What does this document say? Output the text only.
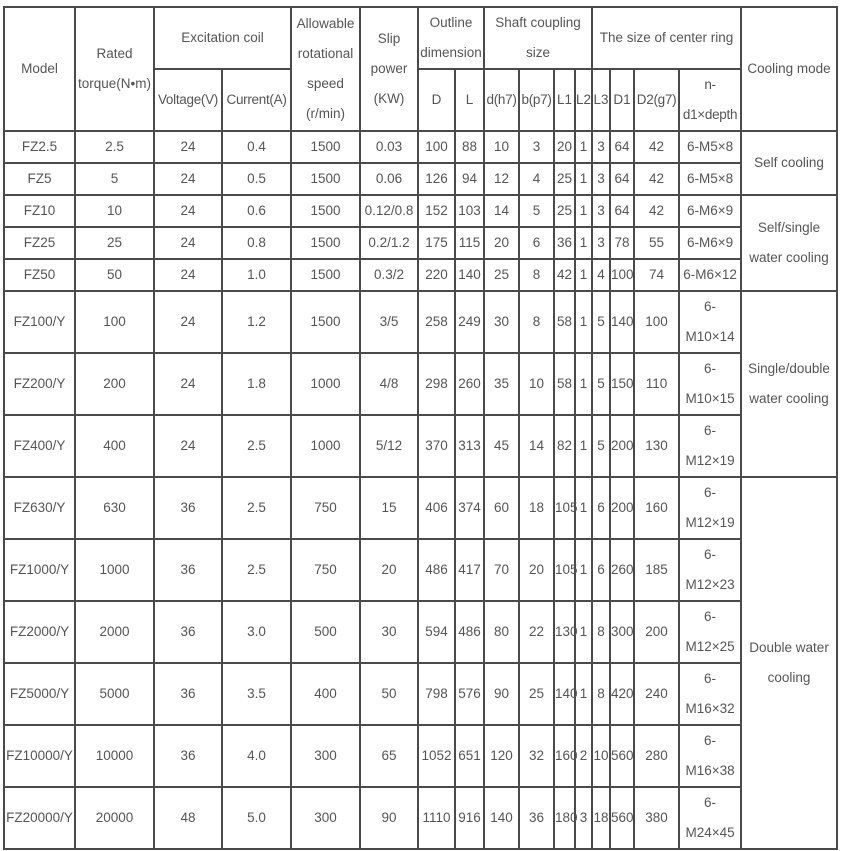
Model	Rated torque(N•m)	Excitation coil		Allowable rotational speed (r/min)	Slip power (KW)	Outline dimension		Shaft coupling size				The size of center ring				Cooling mode
		Voltage(V)	Current(A)			D	L	d(h7)	b(p7)	L1	L2	L3	D1	D2(g7)	n-d1×depth	
FZ2.5	2.5	24	0.4	1500	0.03	100	88	10	3	20	1	3	64	42	6-M5×8	Self cooling
FZ5	5	24	0.5	1500	0.06	126	94	12	4	25	1	3	64	42	6-M5×8	
FZ10	10	24	0.6	1500	0.12/0.8	152	103	14	5	25	1	3	64	42	6-M6×9	Self/single water cooling
FZ25	25	24	0.8	1500	0.2/1.2	175	115	20	6	36	1	3	78	55	6-M6×9	
FZ50	50	24	1.0	1500	0.3/2	220	140	25	8	42	1	4	100	74	6-M6×12	
FZ100/Y	100	24	1.2	1500	3/5	258	249	30	8	58	1	5	140	100	6-M10×14	Single/double water cooling
FZ200/Y	200	24	1.8	1000	4/8	298	260	35	10	58	1	5	150	110	6-M10×15	
FZ400/Y	400	24	2.5	1000	5/12	370	313	45	14	82	1	5	200	130	6-M12×19	
FZ630/Y	630	36	2.5	750	15	406	374	60	18	105	1	6	200	160	6-M12×19	Double water cooling
FZ1000/Y	1000	36	2.5	750	20	486	417	70	20	105	1	6	260	185	6-M12×23	
FZ2000/Y	2000	36	3.0	500	30	594	486	80	22	130	1	8	300	200	6-M12×25	
FZ5000/Y	5000	36	3.5	400	50	798	576	90	25	140	1	8	420	240	6-M16×32	
FZ10000/Y	10000	36	4.0	300	65	1052	651	120	32	160	2	10	560	280	6-M16×38	
FZ20000/Y	20000	48	5.0	300	90	1110	916	140	36	180	3	18	560	380	6-M24×45	
